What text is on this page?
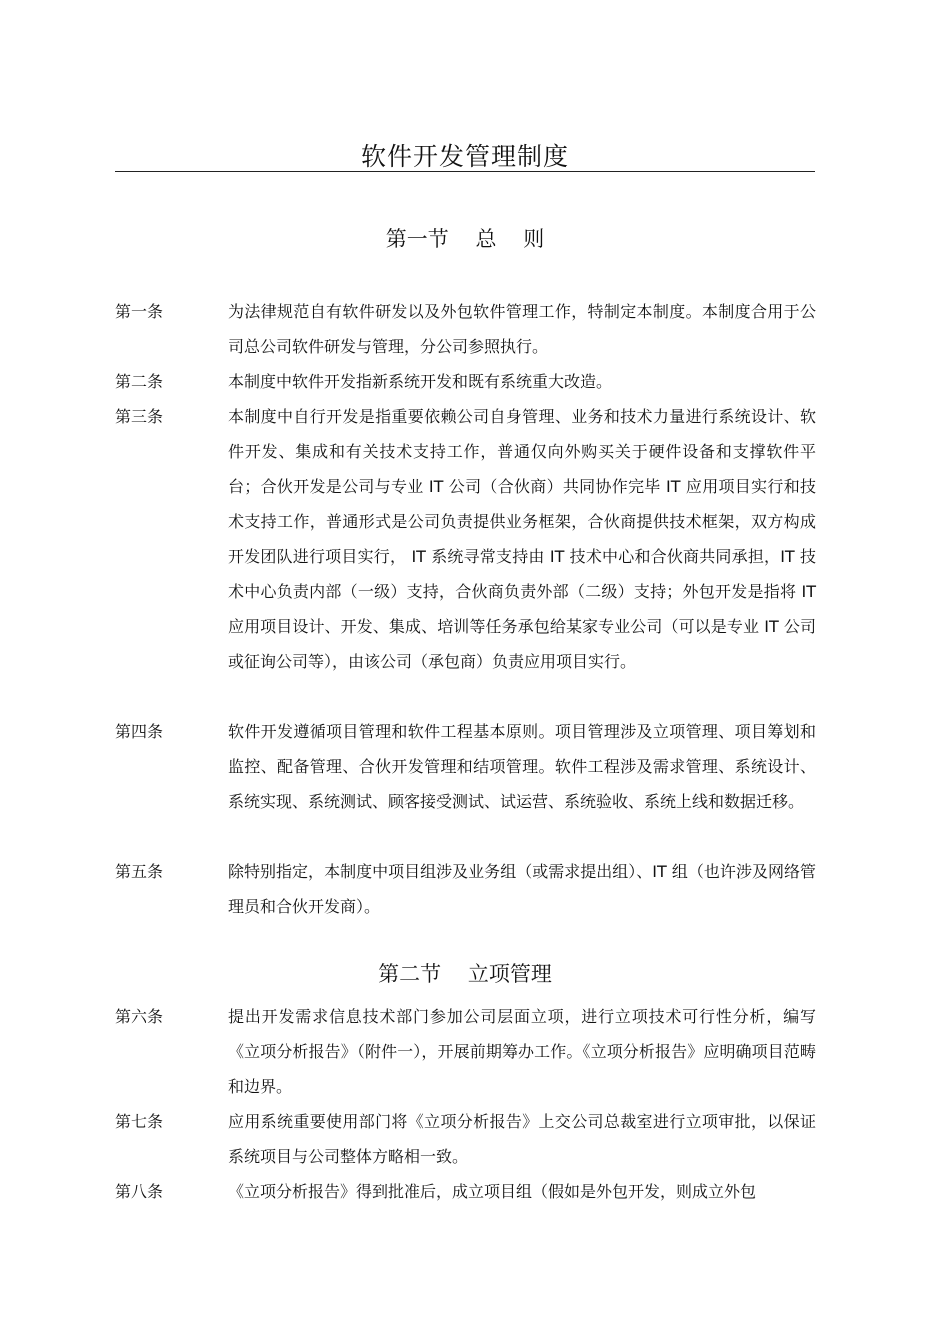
软件开发管理制度
第一节    总    则
第一条	为法律规范自有软件研发以及外包软件管理工作，特制定本制度。本制度合用于公司总公司软件研发与管理，分公司参照执行。
第二条	本制度中软件开发指新系统开发和既有系统重大改造。
第三条	本制度中自行开发是指重要依赖公司自身管理、业务和技术力量进行系统设计、软件开发、集成和有关技术支持工作，普通仅向外购买关于硬件设备和支撑软件平台；合伙开发是公司与专业 IT 公司（合伙商）共同协作完毕 IT 应用项目实行和技术支持工作，普通形式是公司负责提供业务框架，合伙商提供技术框架，双方构成开发团队进行项目实行， IT 系统寻常支持由 IT 技术中心和合伙商共同承担，IT 技术中心负责内部（一级）支持，合伙商负责外部（二级）支持；外包开发是指将 IT 应用项目设计、开发、集成、培训等任务承包给某家专业公司（可以是专业 IT 公司或征询公司等），由该公司（承包商）负责应用项目实行。
第四条	软件开发遵循项目管理和软件工程基本原则。项目管理涉及立项管理、项目筹划和监控、配备管理、合伙开发管理和结项管理。软件工程涉及需求管理、系统设计、系统实现、系统测试、顾客接受测试、试运营、系统验收、系统上线和数据迁移。
第五条	除特别指定，本制度中项目组涉及业务组（或需求提出组）、IT 组（也许涉及网络管理员和合伙开发商）。
第二节    立项管理
第六条	提出开发需求信息技术部门参加公司层面立项，进行立项技术可行性分析，编写《立项分析报告》（附件一），开展前期筹办工作。《立项分析报告》应明确项目范畴和边界。
第七条	应用系统重要使用部门将《立项分析报告》上交公司总裁室进行立项审批，以保证系统项目与公司整体方略相一致。
第八条	《立项分析报告》得到批准后，成立项目组（假如是外包开发，则成立外包
